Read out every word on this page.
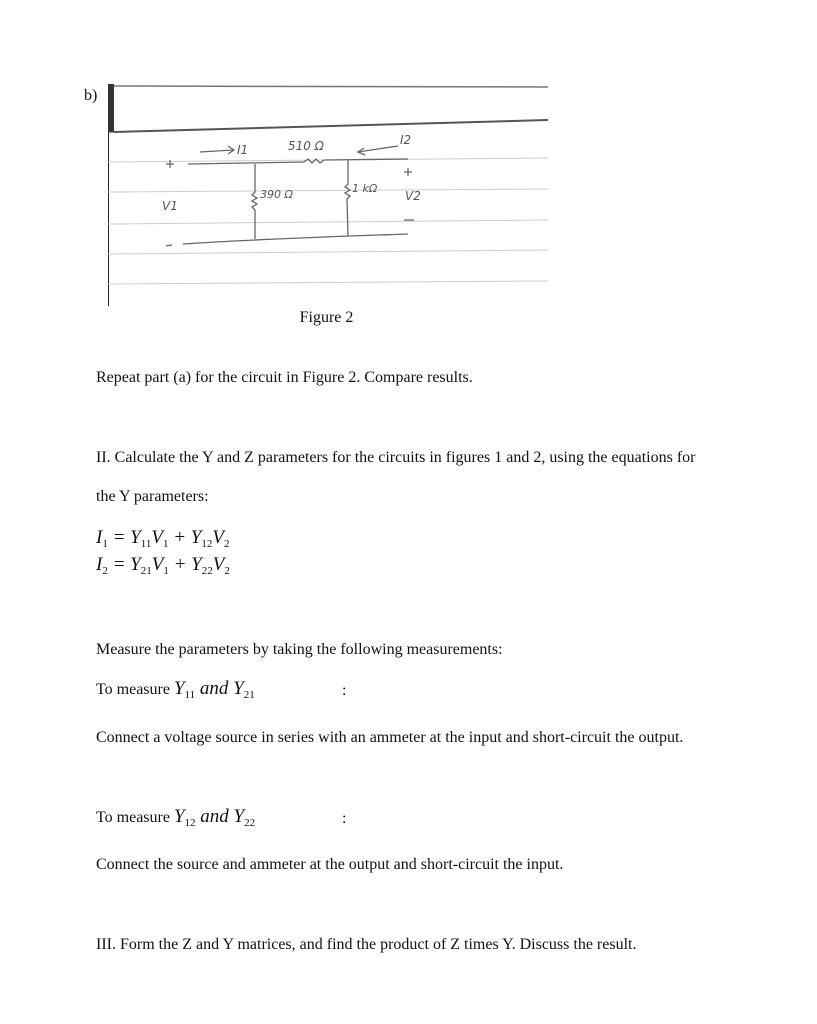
b)
I1	510 Ω	I2
390 Ω	1 kΩ
V1
V2
Figure 2
Repeat part (a) for the circuit in Figure 2. Compare results.
II. Calculate the Y and Z parameters for the circuits in figures 1 and 2, using the equations for
the Y parameters:
$I_1 = Y_{11}V_1 + Y_{12}V_2$
$I_2 = Y_{21}V_1 + Y_{22}V_2$
Measure the parameters by taking the following measurements:
To measure $Y_{11}$ and $Y_{21}$	:
Connect a voltage source in series with an ammeter at the input and short-circuit the output.
To measure $Y_{12}$ and $Y_{22}$	:
Connect the source and ammeter at the output and short-circuit the input.
III. Form the Z and Y matrices, and find the product of Z times Y. Discuss the result.
